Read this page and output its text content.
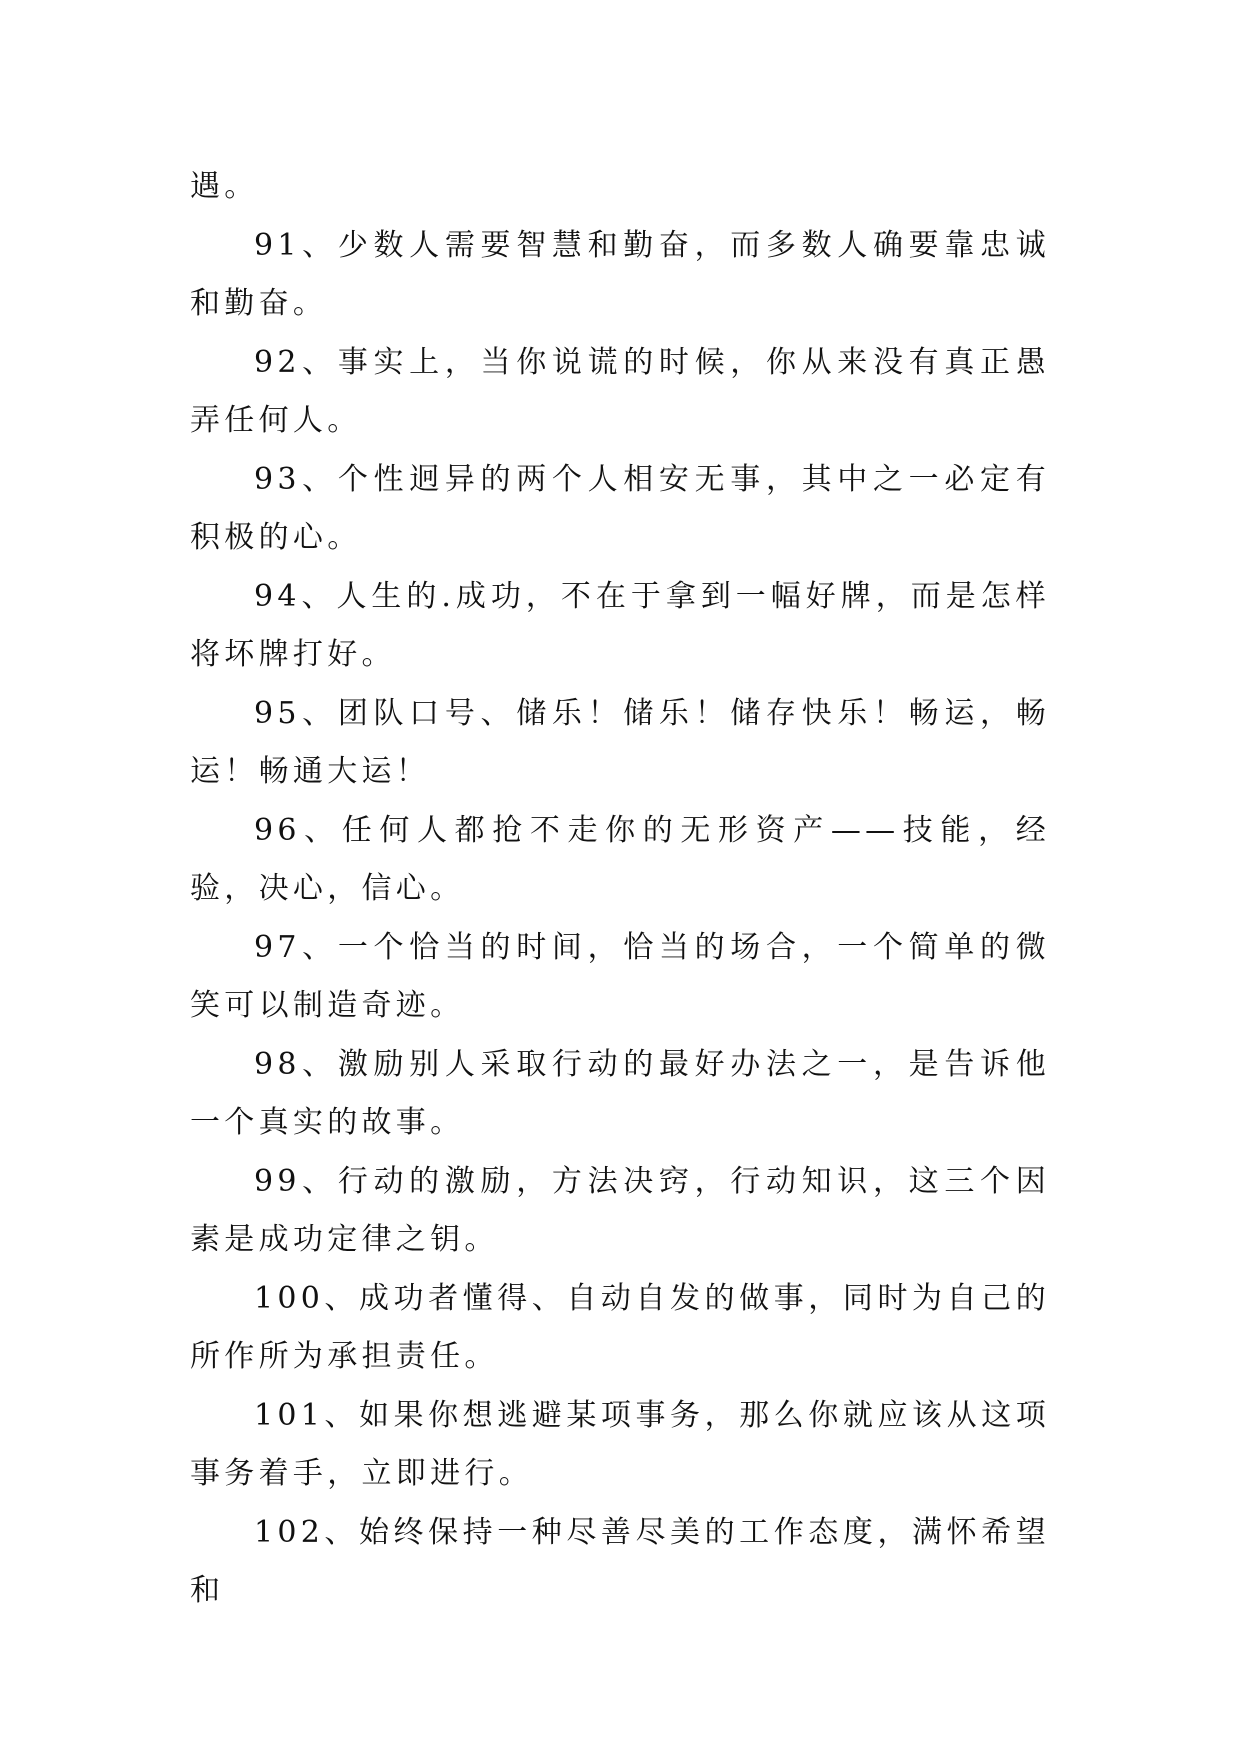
遇。

91、少数人需要智慧和勤奋，而多数人确要靠忠诚和勤奋。

92、事实上，当你说谎的时候，你从来没有真正愚弄任何人。

93、个性迥异的两个人相安无事，其中之一必定有积极的心。

94、人生的.成功，不在于拿到一幅好牌，而是怎样将坏牌打好。

95、团队口号、储乐！储乐！储存快乐！畅运，畅运！畅通大运！

96、任何人都抢不走你的无形资产——技能，经验，决心，信心。

97、一个恰当的时间，恰当的场合，一个简单的微笑可以制造奇迹。

98、激励别人采取行动的最好办法之一，是告诉他一个真实的故事。

99、行动的激励，方法决窍，行动知识，这三个因素是成功定律之钥。

100、成功者懂得、自动自发的做事，同时为自己的所作所为承担责任。

101、如果你想逃避某项事务，那么你就应该从这项事务着手，立即进行。

102、始终保持一种尽善尽美的工作态度，满怀希望和
